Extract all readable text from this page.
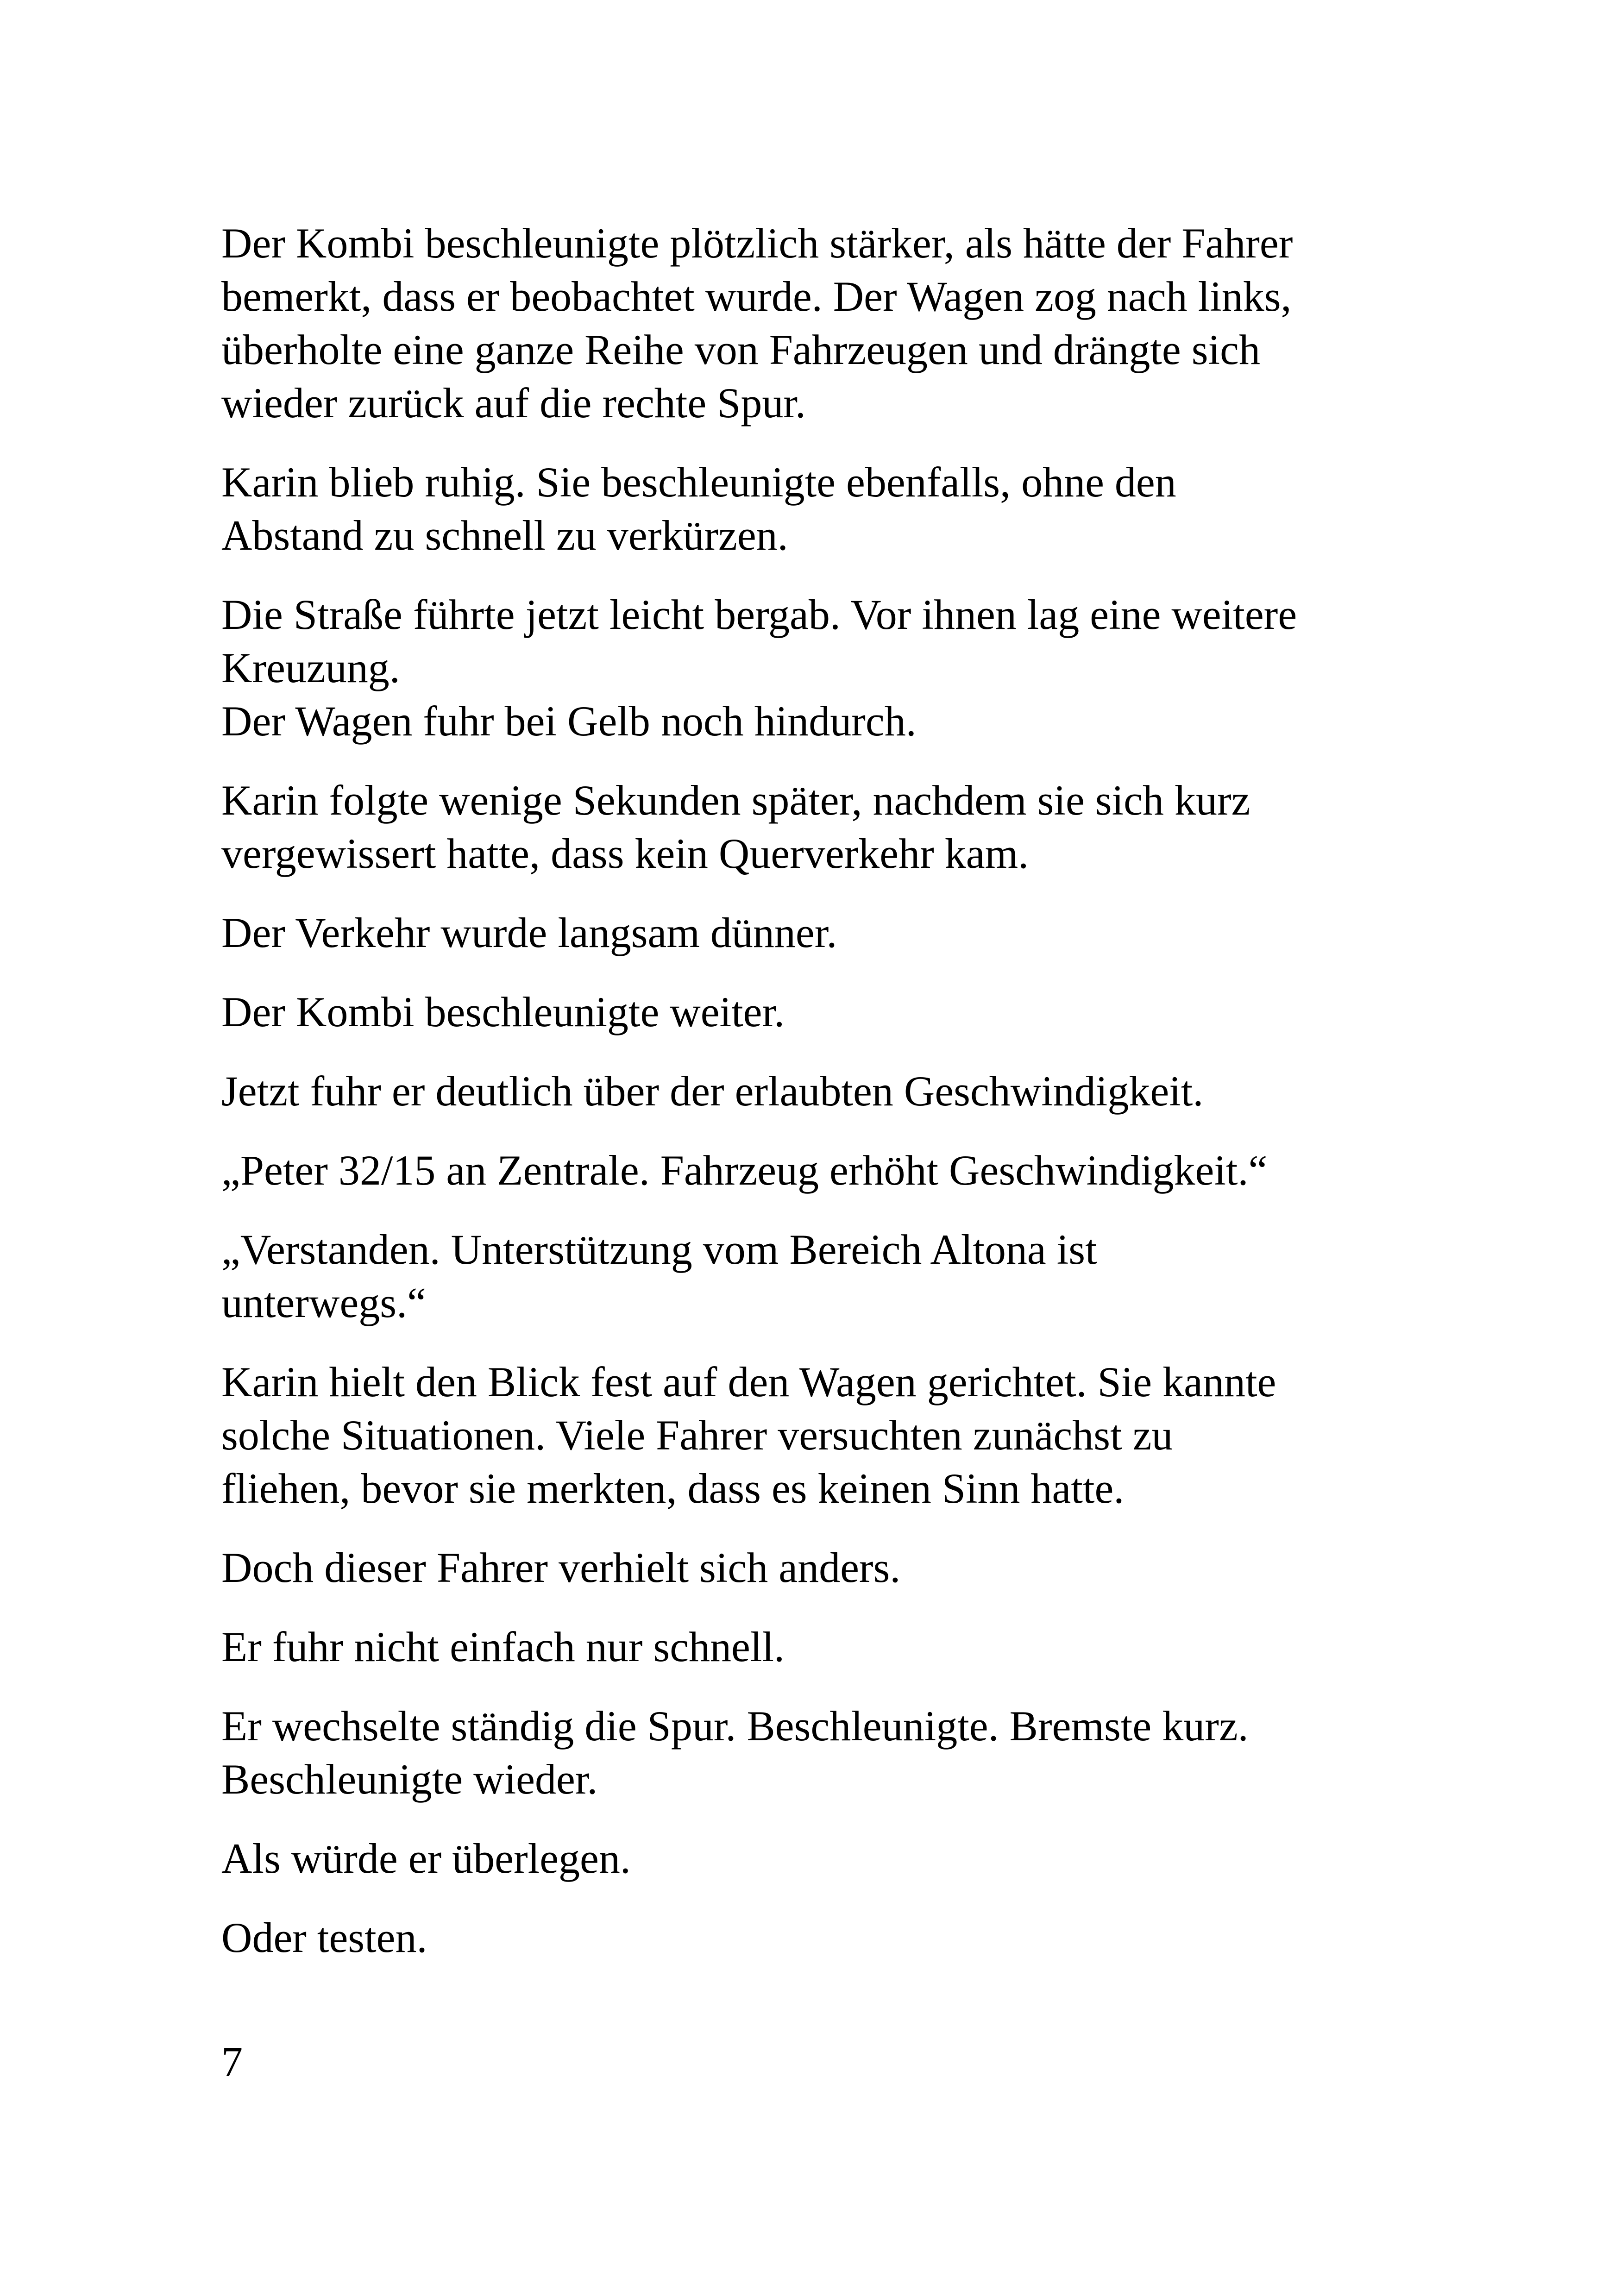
Der Kombi beschleunigte plötzlich stärker, als hätte der Fahrer
bemerkt, dass er beobachtet wurde. Der Wagen zog nach links,
überholte eine ganze Reihe von Fahrzeugen und drängte sich
wieder zurück auf die rechte Spur.

Karin blieb ruhig. Sie beschleunigte ebenfalls, ohne den
Abstand zu schnell zu verkürzen.

Die Straße führte jetzt leicht bergab. Vor ihnen lag eine weitere
Kreuzung.
Der Wagen fuhr bei Gelb noch hindurch.

Karin folgte wenige Sekunden später, nachdem sie sich kurz
vergewissert hatte, dass kein Querverkehr kam.

Der Verkehr wurde langsam dünner.

Der Kombi beschleunigte weiter.

Jetzt fuhr er deutlich über der erlaubten Geschwindigkeit.

„Peter 32/15 an Zentrale. Fahrzeug erhöht Geschwindigkeit.“

„Verstanden. Unterstützung vom Bereich Altona ist
unterwegs.“

Karin hielt den Blick fest auf den Wagen gerichtet. Sie kannte
solche Situationen. Viele Fahrer versuchten zunächst zu
fliehen, bevor sie merkten, dass es keinen Sinn hatte.

Doch dieser Fahrer verhielt sich anders.

Er fuhr nicht einfach nur schnell.

Er wechselte ständig die Spur. Beschleunigte. Bremste kurz.
Beschleunigte wieder.

Als würde er überlegen.

Oder testen.

7
